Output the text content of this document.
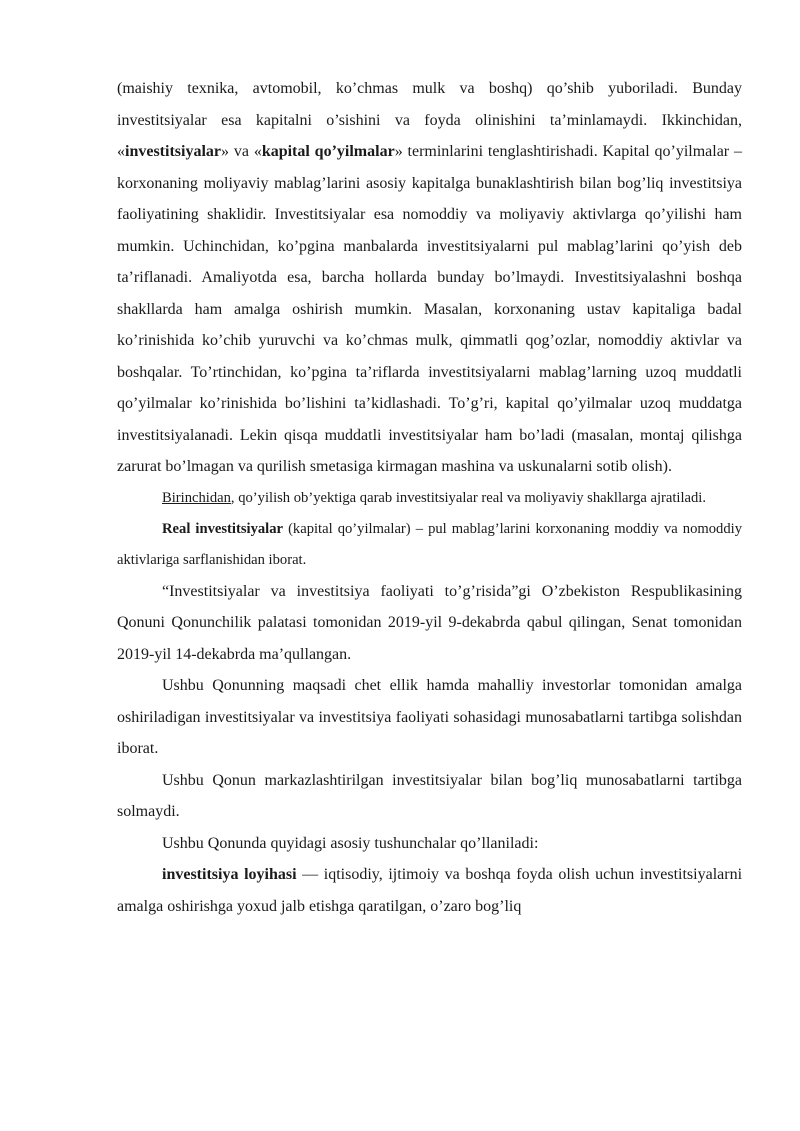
(maishiy texnika, avtomobil, ko’chmas mulk va boshq) qo’shib yuboriladi. Bunday investitsiyalar esa kapitalni o’sishini va foyda olinishini ta’minlamaydi. Ikkinchidan, «investitsiyalar» va «kapital qo’yilmalar» terminlarini tenglashtirishadi. Kapital qo’yilmalar – korxonaning moliyaviy mablag’larini asosiy kapitalga bunaklashtirish bilan bog’liq investitsiya faoliyatining shaklidir. Investitsiyalar esa nomoddiy va moliyaviy aktivlarga qo’yilishi ham mumkin. Uchinchidan, ko’pgina manbalarda investitsiyalarni pul mablag’larini qo’yish deb ta’riflanadi. Amaliyotda esa, barcha hollarda bunday bo’lmaydi. Investitsiyalashni boshqa shakllarda ham amalga oshirish mumkin. Masalan, korxonaning ustav kapitaliga badal ko’rinishida ko’chib yuruvchi va ko’chmas mulk, qimmatli qog’ozlar, nomoddiy aktivlar va boshqalar. To’rtinchidan, ko’pgina ta’riflarda investitsiyalarni mablag’larning uzoq muddatli qo’yilmalar ko’rinishida bo’lishini ta’kidlashadi. To’g’ri, kapital qo’yilmalar uzoq muddatga investitsiyalanadi. Lekin qisqa muddatli investitsiyalar ham bo’ladi (masalan, montaj qilishga zarurat bo’lmagan va qurilish smetasiga kirmagan mashina va uskunalarni sotib olish).

Birinchidan, qo’yilish ob’yektiga qarab investitsiyalar real va moliyaviy shakllarga ajratiladi.

Real investitsiyalar (kapital qo’yilmalar) – pul mablag’larini korxonaning moddiy va nomoddiy aktivlariga sarflanishidan iborat.

“Investitsiyalar va investitsiya faoliyati to’g’risida”gi O’zbekiston Respublikasining Qonuni Qonunchilik palatasi tomonidan 2019-yil 9-dekabrda qabul qilingan, Senat tomonidan 2019-yil 14-dekabrda ma’qullangan.

Ushbu Qonunning maqsadi chet ellik hamda mahalliy investorlar tomonidan amalga oshiriladigan investitsiyalar va investitsiya faoliyati sohasidagi munosabatlarni tartibga solishdan iborat.

Ushbu Qonun markazlashtirilgan investitsiyalar bilan bog’liq munosabatlarni tartibga solmaydi.

Ushbu Qonunda quyidagi asosiy tushunchalar qo’llaniladi:

investitsiya loyihasi — iqtisodiy, ijtimoiy va boshqa foyda olish uchun investitsiyalarni amalga oshirishga yoxud jalb etishga qaratilgan, o’zaro bog’liq
